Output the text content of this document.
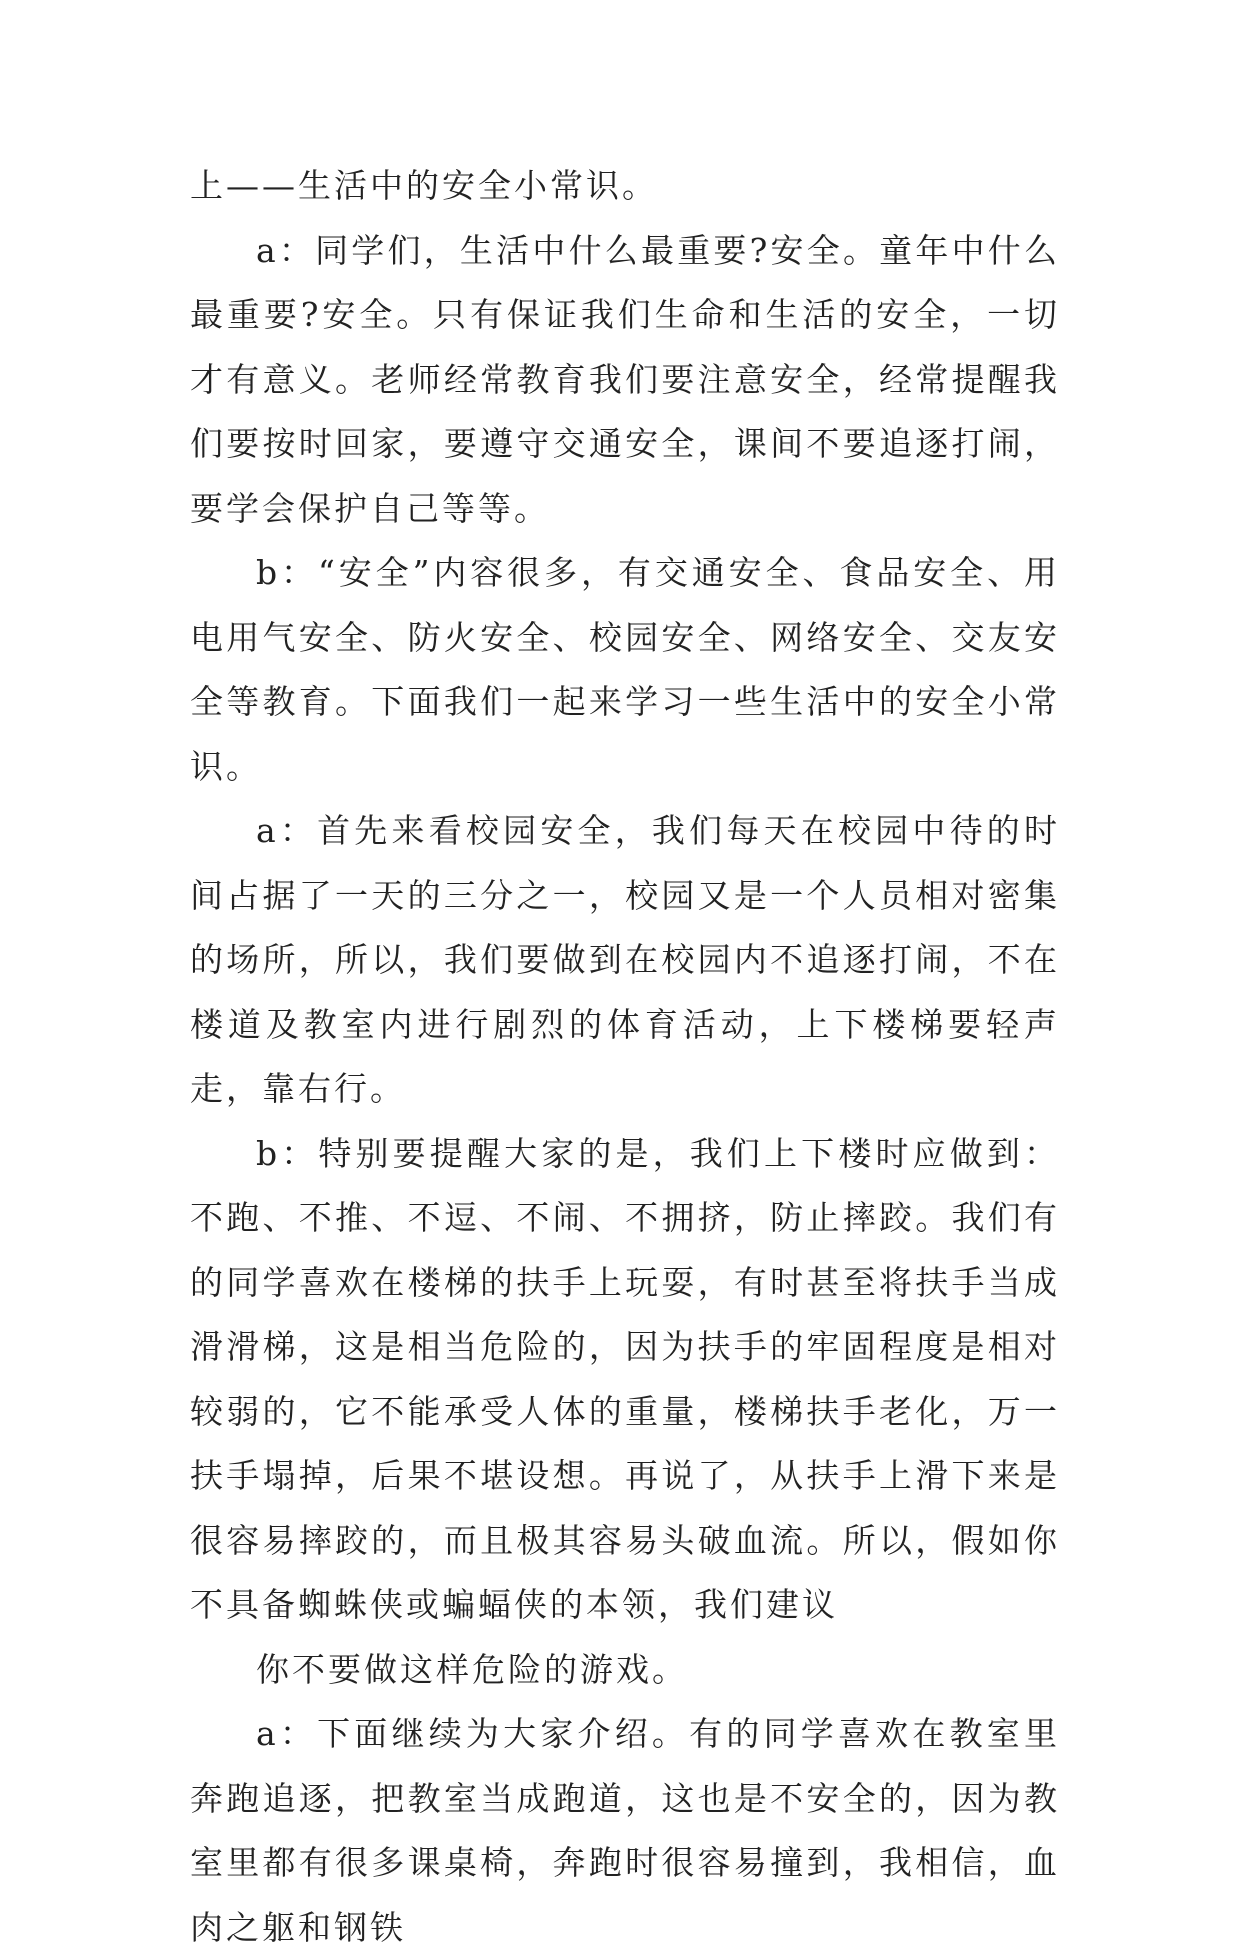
上——生活中的安全小常识。

a：同学们，生活中什么最重要?安全。童年中什么最重要?安全。只有保证我们生命和生活的安全，一切才有意义。老师经常教育我们要注意安全，经常提醒我们要按时回家，要遵守交通安全，课间不要追逐打闹，要学会保护自己等等。

b：“安全”内容很多，有交通安全、食品安全、用电用气安全、防火安全、校园安全、网络安全、交友安全等教育。下面我们一起来学习一些生活中的安全小常识。

a：首先来看校园安全，我们每天在校园中待的时间占据了一天的三分之一，校园又是一个人员相对密集的场所，所以，我们要做到在校园内不追逐打闹，不在楼道及教室内进行剧烈的体育活动，上下楼梯要轻声走，靠右行。

b：特别要提醒大家的是，我们上下楼时应做到：不跑、不推、不逗、不闹、不拥挤，防止摔跤。我们有的同学喜欢在楼梯的扶手上玩耍，有时甚至将扶手当成滑滑梯，这是相当危险的，因为扶手的牢固程度是相对较弱的，它不能承受人体的重量，楼梯扶手老化，万一扶手塌掉，后果不堪设想。再说了，从扶手上滑下来是很容易摔跤的，而且极其容易头破血流。所以，假如你不具备蜘蛛侠或蝙蝠侠的本领，我们建议

你不要做这样危险的游戏。

a：下面继续为大家介绍。有的同学喜欢在教室里奔跑追逐，把教室当成跑道，这也是不安全的，因为教室里都有很多课桌椅，奔跑时很容易撞到，我相信，血肉之躯和钢铁
